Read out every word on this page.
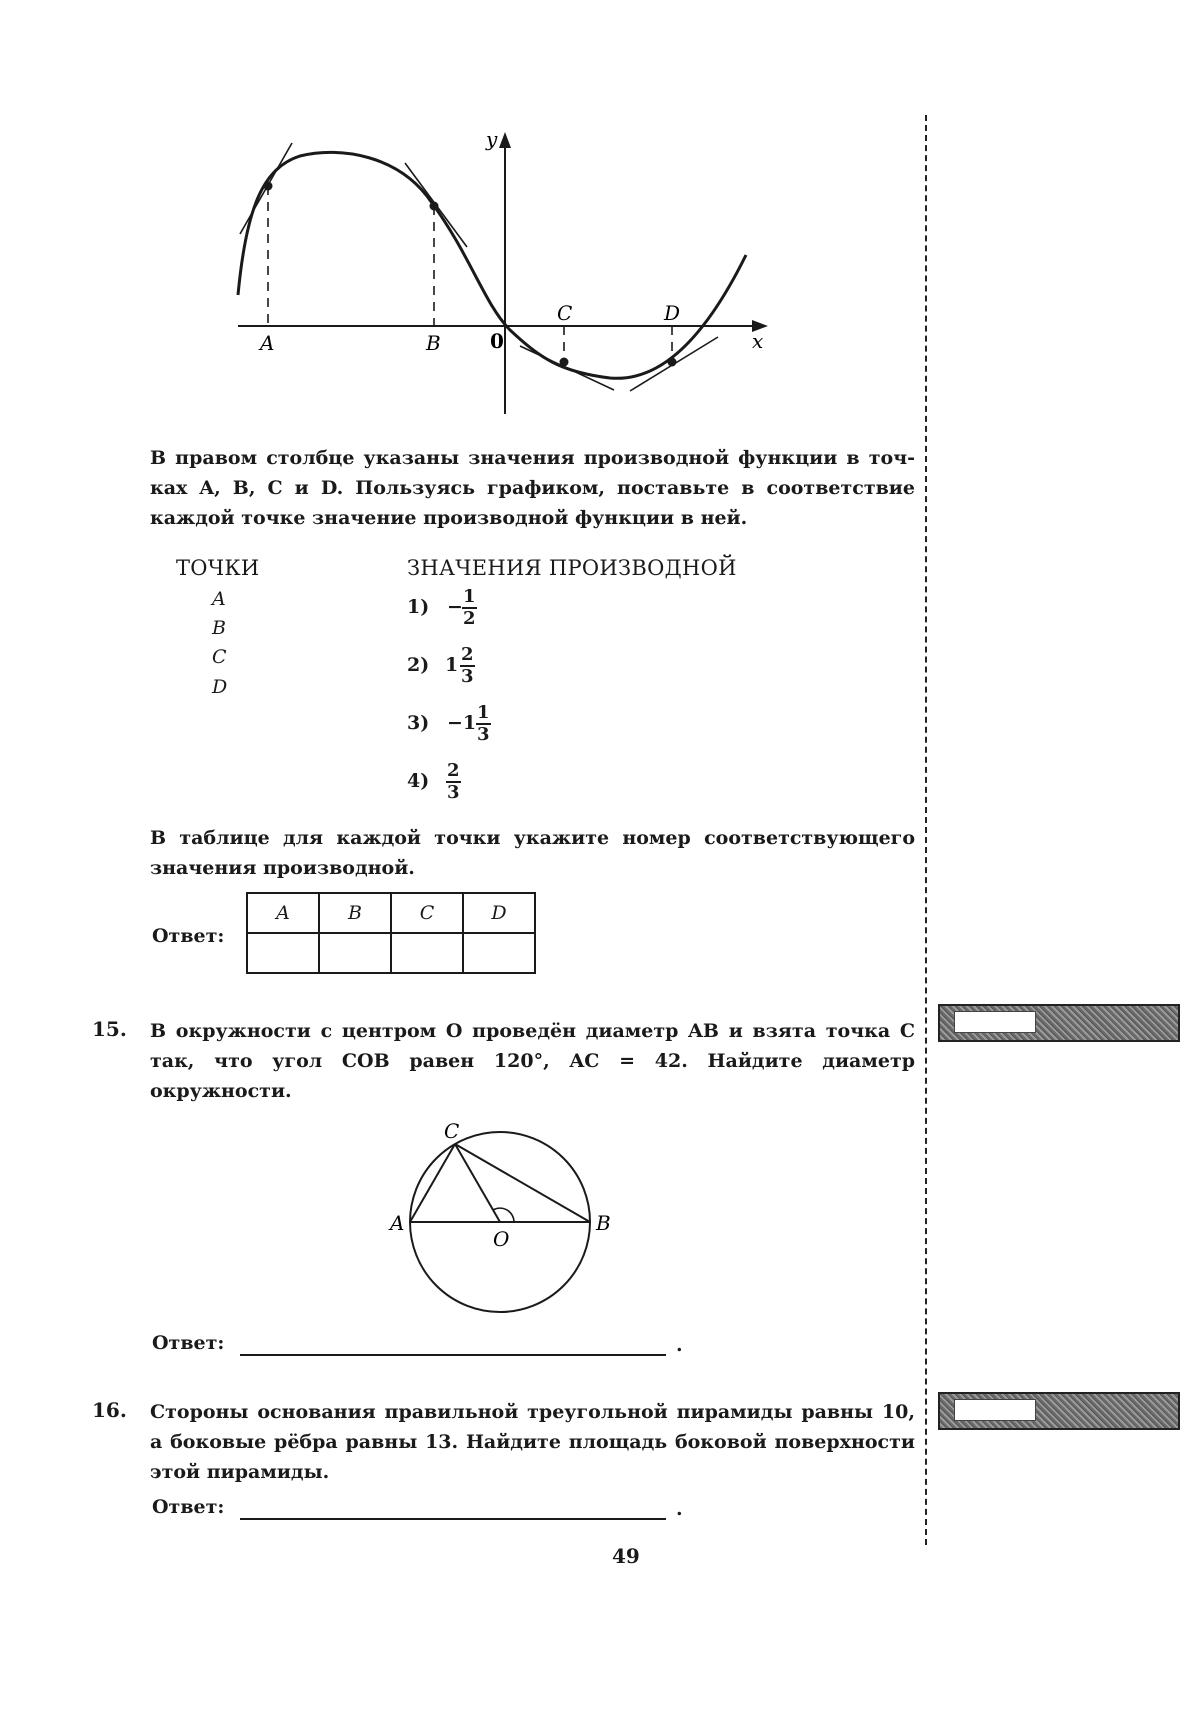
y
x
0
A	B
C	D
В правом столбце указаны значения производной функции в точ-
ках A, B, C и D. Пользуясь графиком, поставьте в соответствие
каждой точке значение производной функции в ней.
ТОЧКИ	ЗНАЧЕНИЯ ПРОИЗВОДНОЙ
A
B
C
D
$1) - \frac{1}{2}$
2) $1 \frac{2}{3}$
$3) -1 \frac{1}{3}$
$4) \frac{2}{3}$
В таблице для каждой точки укажите номер соответствующего
значения производной.
Ответ:
A	B	C	D

15. В окружности с центром O проведён диаметр AB и взята точка C
так, что угол COB равен 120°, AC = 42. Найдите диаметр
окружности.
C
A	B
O
Ответ:	.
16. Стороны основания правильной треугольной пирамиды равны 10,
а боковые рёбра равны 13. Найдите площадь боковой поверхности
этой пирамиды.
Ответ:	.
49
